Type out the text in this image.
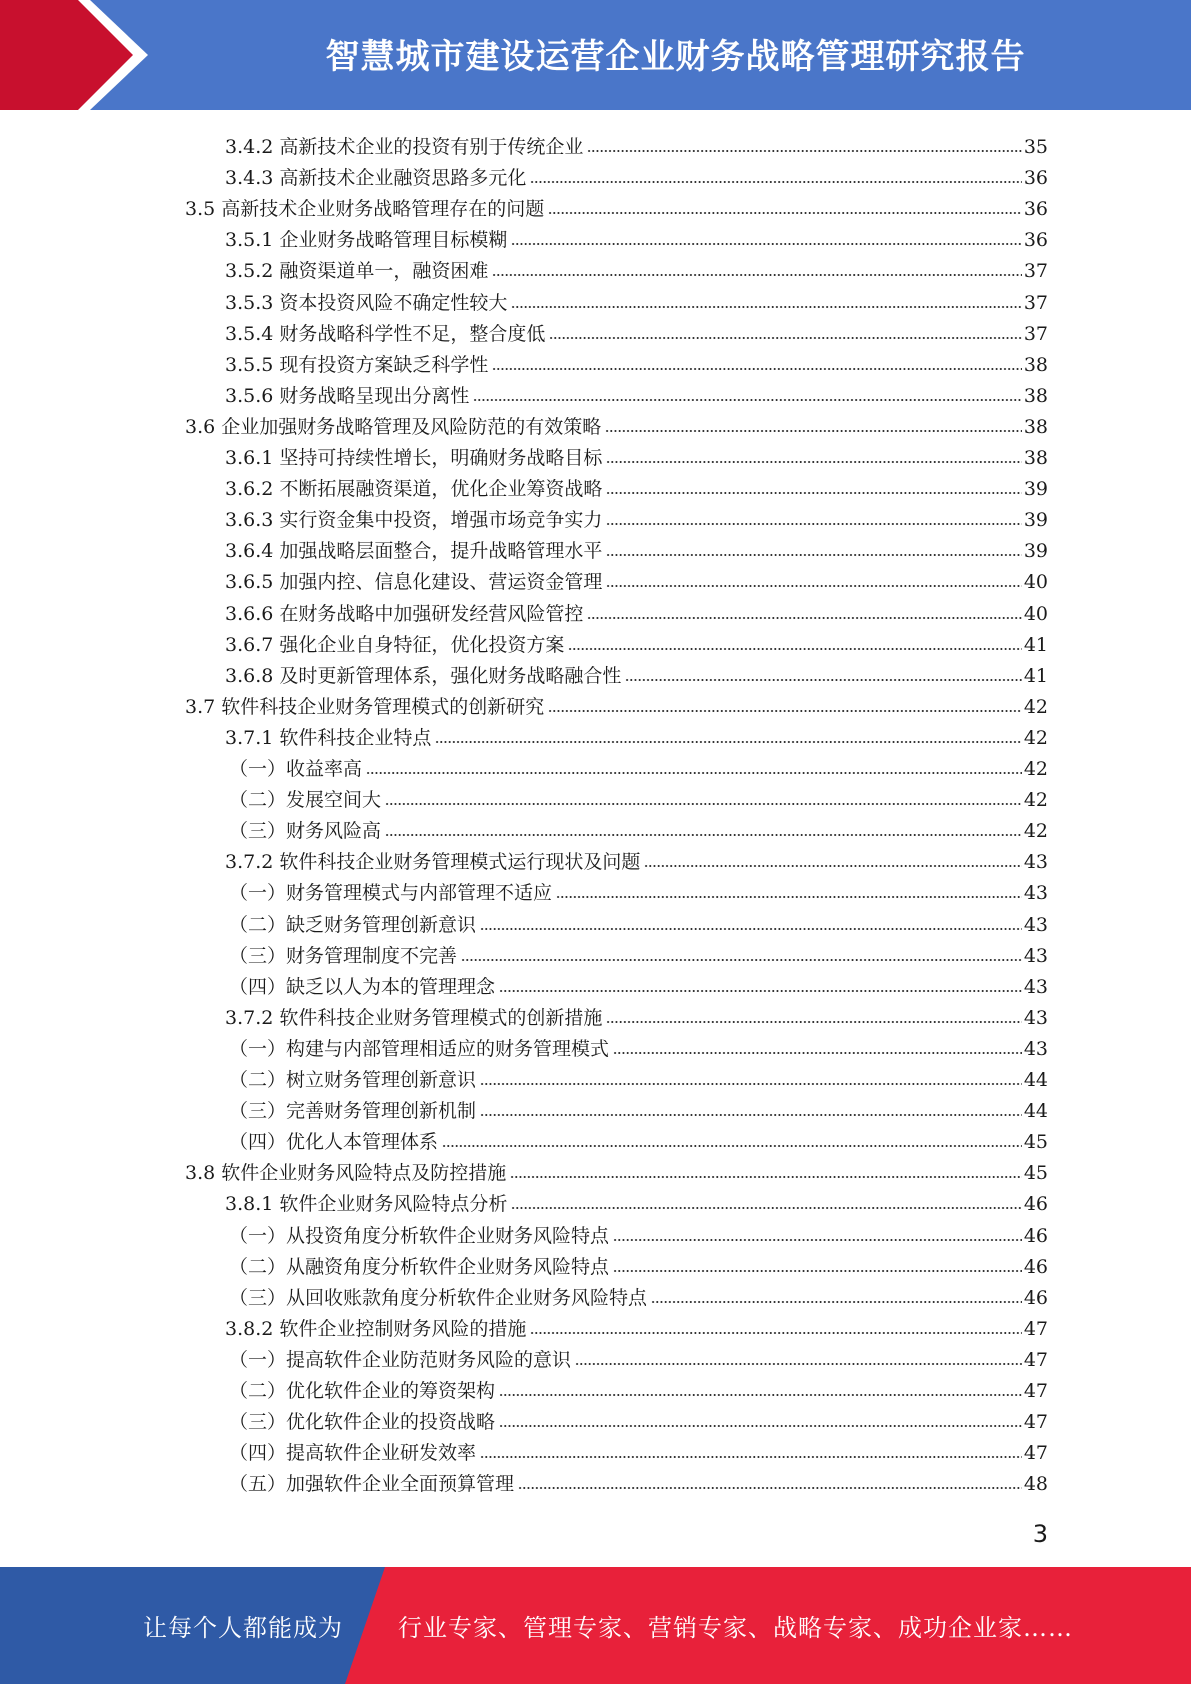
智慧城市建设运营企业财务战略管理研究报告
3.4.2 高新技术企业的投资有别于传统企业	35
3.4.3 高新技术企业融资思路多元化	36
3.5 高新技术企业财务战略管理存在的问题	36
3.5.1 企业财务战略管理目标模糊	36
3.5.2 融资渠道单一，融资困难	37
3.5.3 资本投资风险不确定性较大	37
3.5.4 财务战略科学性不足，整合度低	37
3.5.5 现有投资方案缺乏科学性	38
3.5.6 财务战略呈现出分离性	38
3.6 企业加强财务战略管理及风险防范的有效策略	38
3.6.1 坚持可持续性增长，明确财务战略目标	38
3.6.2 不断拓展融资渠道，优化企业筹资战略	39
3.6.3 实行资金集中投资，增强市场竞争实力	39
3.6.4 加强战略层面整合，提升战略管理水平	39
3.6.5 加强内控、信息化建设、营运资金管理	40
3.6.6 在财务战略中加强研发经营风险管控	40
3.6.7 强化企业自身特征，优化投资方案	41
3.6.8 及时更新管理体系，强化财务战略融合性	41
3.7 软件科技企业财务管理模式的创新研究	42
3.7.1 软件科技企业特点	42
（一）收益率高	42
（二）发展空间大	42
（三）财务风险高	42
3.7.2 软件科技企业财务管理模式运行现状及问题	43
（一）财务管理模式与内部管理不适应	43
（二）缺乏财务管理创新意识	43
（三）财务管理制度不完善	43
（四）缺乏以人为本的管理理念	43
3.7.2 软件科技企业财务管理模式的创新措施	43
（一）构建与内部管理相适应的财务管理模式	43
（二）树立财务管理创新意识	44
（三）完善财务管理创新机制	44
（四）优化人本管理体系	45
3.8 软件企业财务风险特点及防控措施	45
3.8.1 软件企业财务风险特点分析	46
（一）从投资角度分析软件企业财务风险特点	46
（二）从融资角度分析软件企业财务风险特点	46
（三）从回收账款角度分析软件企业财务风险特点	46
3.8.2 软件企业控制财务风险的措施	47
（一）提高软件企业防范财务风险的意识	47
（二）优化软件企业的筹资架构	47
（三）优化软件企业的投资战略	47
（四）提高软件企业研发效率	47
（五）加强软件企业全面预算管理	48
3
让每个人都能成为 行业专家、管理专家、营销专家、战略专家、成功企业家……
